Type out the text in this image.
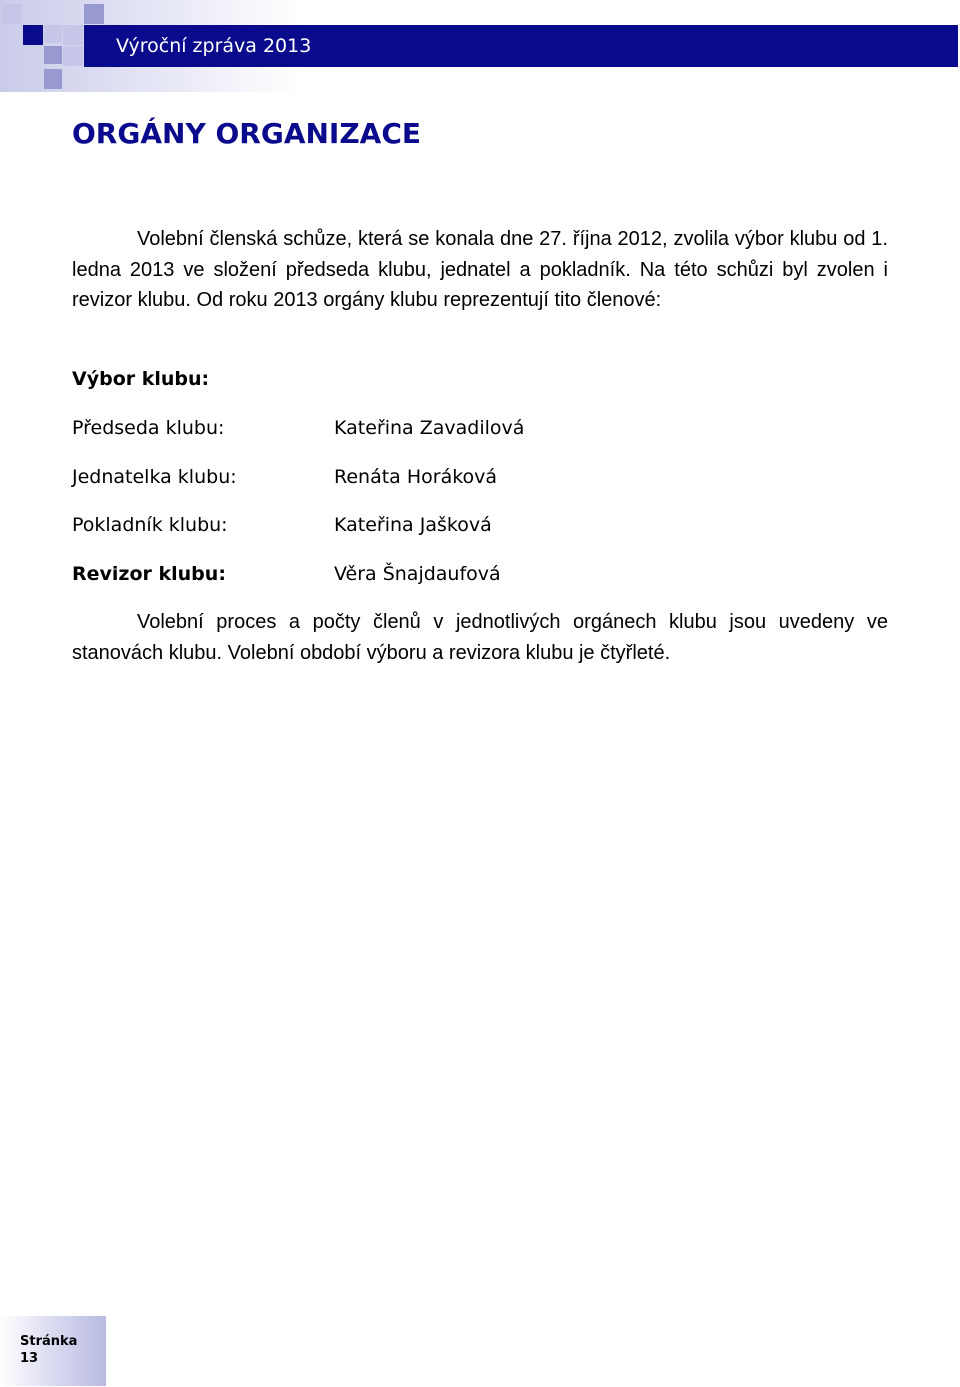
Výroční zpráva 2013
ORGÁNY ORGANIZACE

Volební členská schůze, která se konala dne 27. října 2012, zvolila výbor klubu od 1. ledna 2013 ve složení předseda klubu, jednatel a pokladník. Na této schůzi byl zvolen i revizor klubu. Od roku 2013 orgány klubu reprezentují tito členové:

Výbor klubu:
Předseda klubu:	Kateřina Zavadilová
Jednatelka klubu:	Renáta Horáková
Pokladník klubu:	Kateřina Jašková
Revizor klubu:	Věra Šnajdaufová

Volební proces a počty členů v jednotlivých orgánech klubu jsou uvedeny ve stanovách klubu. Volební období výboru a revizora klubu je čtyřleté.

Stránka
13
